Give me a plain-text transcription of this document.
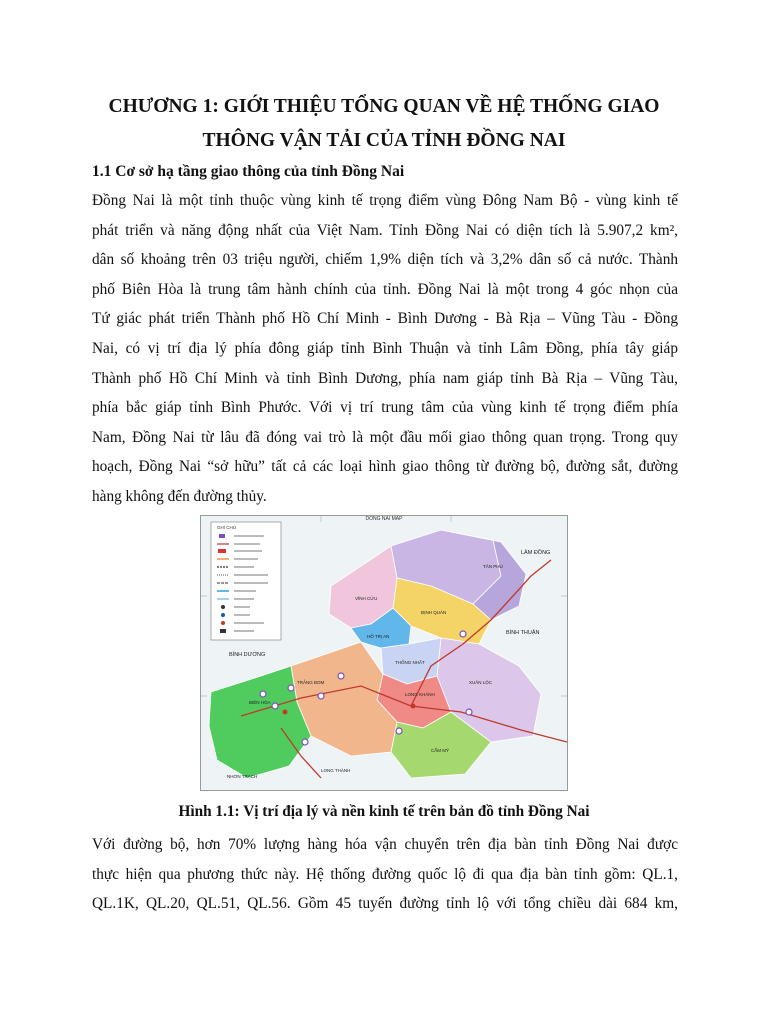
CHƯƠNG 1: GIỚI THIỆU TỔNG QUAN VỀ HỆ THỐNG GIAO
THÔNG VẬN TẢI CỦA TỈNH ĐỒNG NAI
1.1 Cơ sở hạ tầng giao thông của tỉnh Đồng Nai

Đồng Nai là một tỉnh thuộc vùng kinh tế trọng điểm vùng Đông Nam Bộ - vùng kinh tế
phát triển và năng động nhất của Việt Nam. Tỉnh Đồng Nai có diện tích là 5.907,2 km²,
dân số khoảng trên 03 triệu người, chiếm 1,9% diện tích và 3,2% dân số cả nước. Thành
phố Biên Hòa là trung tâm hành chính của tỉnh. Đồng Nai là một trong 4 góc nhọn của
Tứ giác phát triển Thành phố Hồ Chí Minh - Bình Dương - Bà Rịa – Vũng Tàu - Đồng
Nai, có vị trí địa lý phía đông giáp tỉnh Bình Thuận và tỉnh Lâm Đồng, phía tây giáp
Thành phố Hồ Chí Minh và tỉnh Bình Dương, phía nam giáp tỉnh Bà Rịa – Vũng Tàu,
phía bắc giáp tỉnh Bình Phước. Với vị trí trung tâm của vùng kinh tế trọng điểm phía
Nam, Đồng Nai từ lâu đã đóng vai trò là một đầu mối giao thông quan trọng. Trong quy
hoạch, Đồng Nai “sở hữu” tất cả các loại hình giao thông từ đường bộ, đường sắt, đường
hàng không đến đường thủy.

DONG NAI MAP
GHI CHÚ
LÂM ĐỒNG
BÌNH DƯƠNG
BÌNH THUẬN
TÂN PHÚ
VĨNH CỬU
ĐỊNH QUÁN
HỒ TRỊ AN
THỐNG NHẤT
TRẢNG BOM
LONG KHÁNH
XUÂN LỘC
CẨM MỸ
LONG THÀNH
NHƠN TRẠCH
BIÊN HÒA

Hình 1.1: Vị trí địa lý và nền kinh tế trên bản đồ tỉnh Đồng Nai

Với đường bộ, hơn 70% lượng hàng hóa vận chuyển trên địa bàn tỉnh Đồng Nai được
thực hiện qua phương thức này. Hệ thống đường quốc lộ đi qua địa bàn tỉnh gồm: QL.1,
QL.1K, QL.20, QL.51, QL.56. Gồm 45 tuyến đường tỉnh lộ với tổng chiều dài 684 km,
